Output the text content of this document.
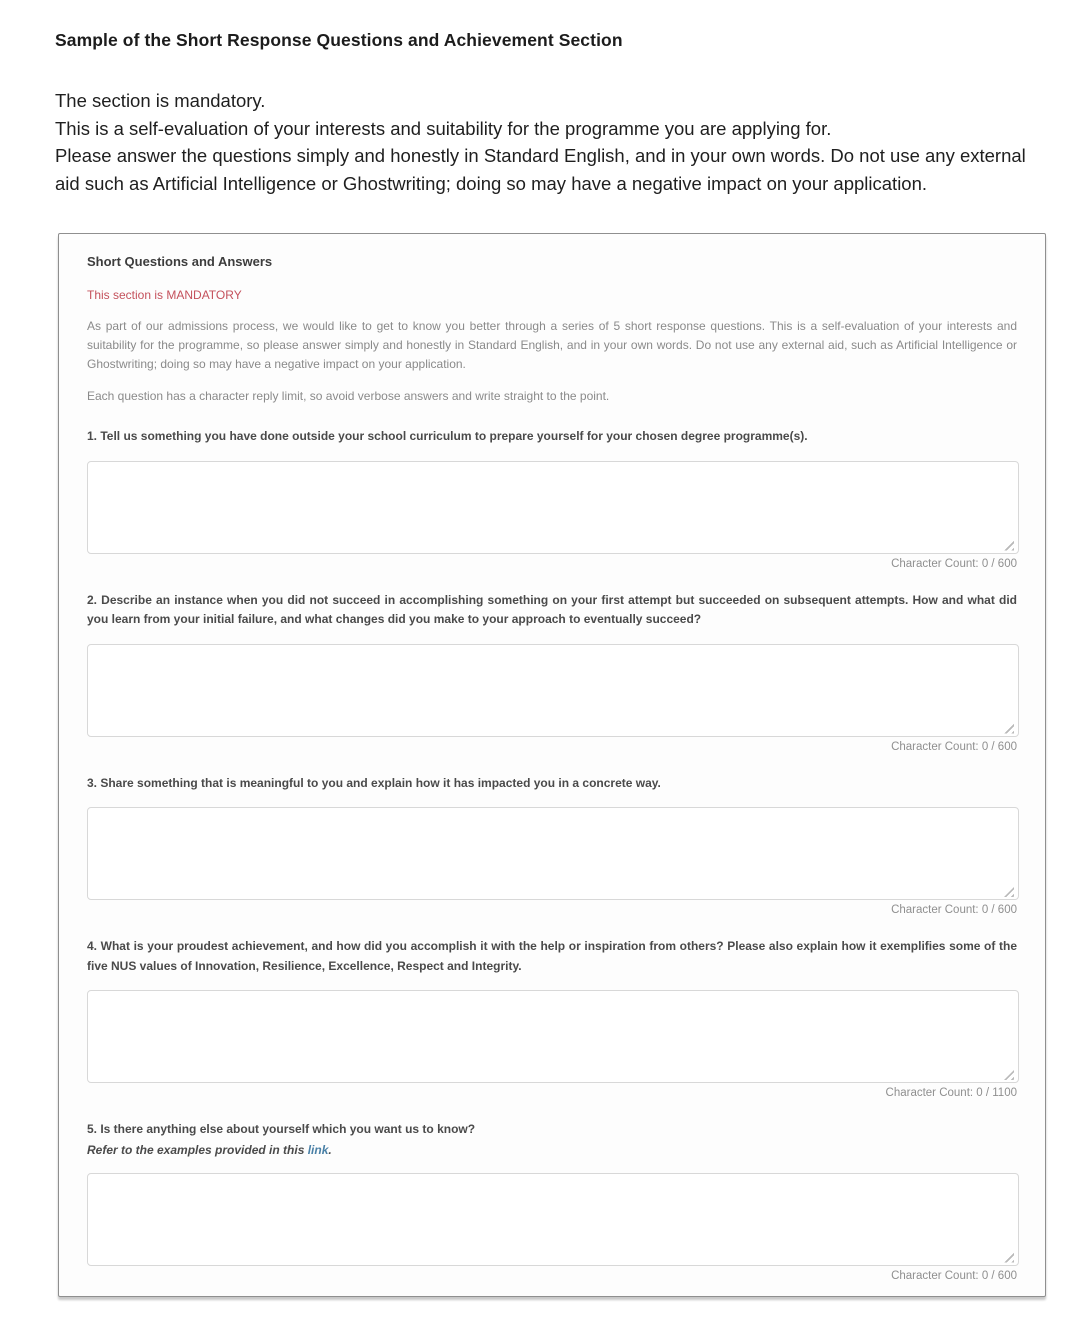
Sample of the Short Response Questions and Achievement Section
The section is mandatory.
This is a self-evaluation of your interests and suitability for the programme you are applying for.
Please answer the questions simply and honestly in Standard English, and in your own words. Do not use any external aid such as Artificial Intelligence or Ghostwriting; doing so may have a negative impact on your application.
Short Questions and Answers
This section is MANDATORY
As part of our admissions process, we would like to get to know you better through a series of 5 short response questions. This is a self-evaluation of your interests and suitability for the programme, so please answer simply and honestly in Standard English, and in your own words. Do not use any external aid, such as Artificial Intelligence or Ghostwriting; doing so may have a negative impact on your application.
Each question has a character reply limit, so avoid verbose answers and write straight to the point.
1. Tell us something you have done outside your school curriculum to prepare yourself for your chosen degree programme(s).
Character Count: 0 / 600
2. Describe an instance when you did not succeed in accomplishing something on your first attempt but succeeded on subsequent attempts. How and what did you learn from your initial failure, and what changes did you make to your approach to eventually succeed?
Character Count: 0 / 600
3. Share something that is meaningful to you and explain how it has impacted you in a concrete way.
Character Count: 0 / 600
4. What is your proudest achievement, and how did you accomplish it with the help or inspiration from others? Please also explain how it exemplifies some of the five NUS values of Innovation, Resilience, Excellence, Respect and Integrity.
Character Count: 0 / 1100
5. Is there anything else about yourself which you want us to know?
Refer to the examples provided in this link.
Character Count: 0 / 600
